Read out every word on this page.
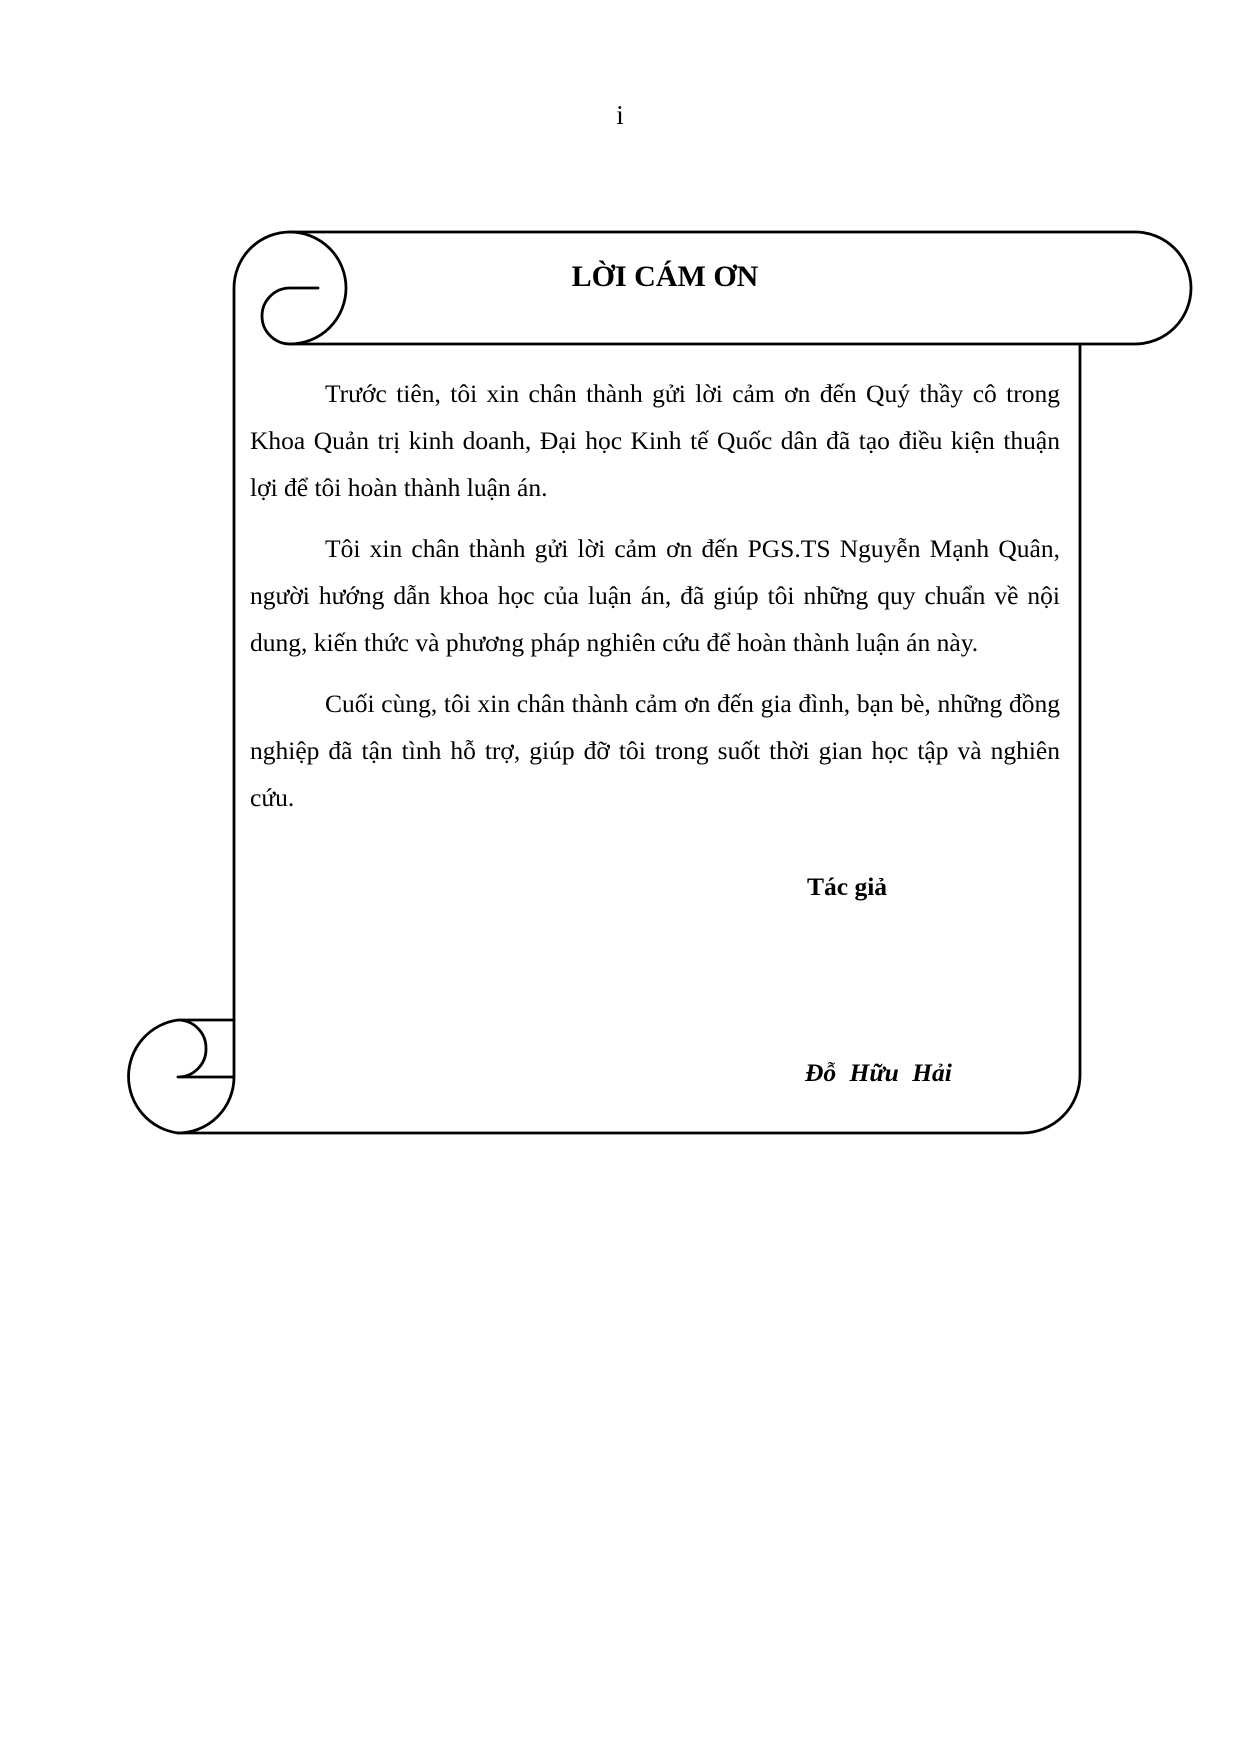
i
LỜI CÁM ƠN

Trước tiên, tôi xin chân thành gửi lời cảm ơn đến Quý thầy cô trong Khoa Quản trị kinh doanh, Đại học Kinh tế Quốc dân đã tạo điều kiện thuận lợi để tôi hoàn thành luận án.

Tôi xin chân thành gửi lời cảm ơn đến PGS.TS Nguyễn Mạnh Quân, người hướng dẫn khoa học của luận án, đã giúp tôi những quy chuẩn về nội dung, kiến thức và phương pháp nghiên cứu để hoàn thành luận án này.

Cuối cùng, tôi xin chân thành cảm ơn đến gia đình, bạn bè, những đồng nghiệp đã tận tình hỗ trợ, giúp đỡ tôi trong suốt thời gian học tập và nghiên cứu.

Tác giả
Đỗ Hữu Hải
